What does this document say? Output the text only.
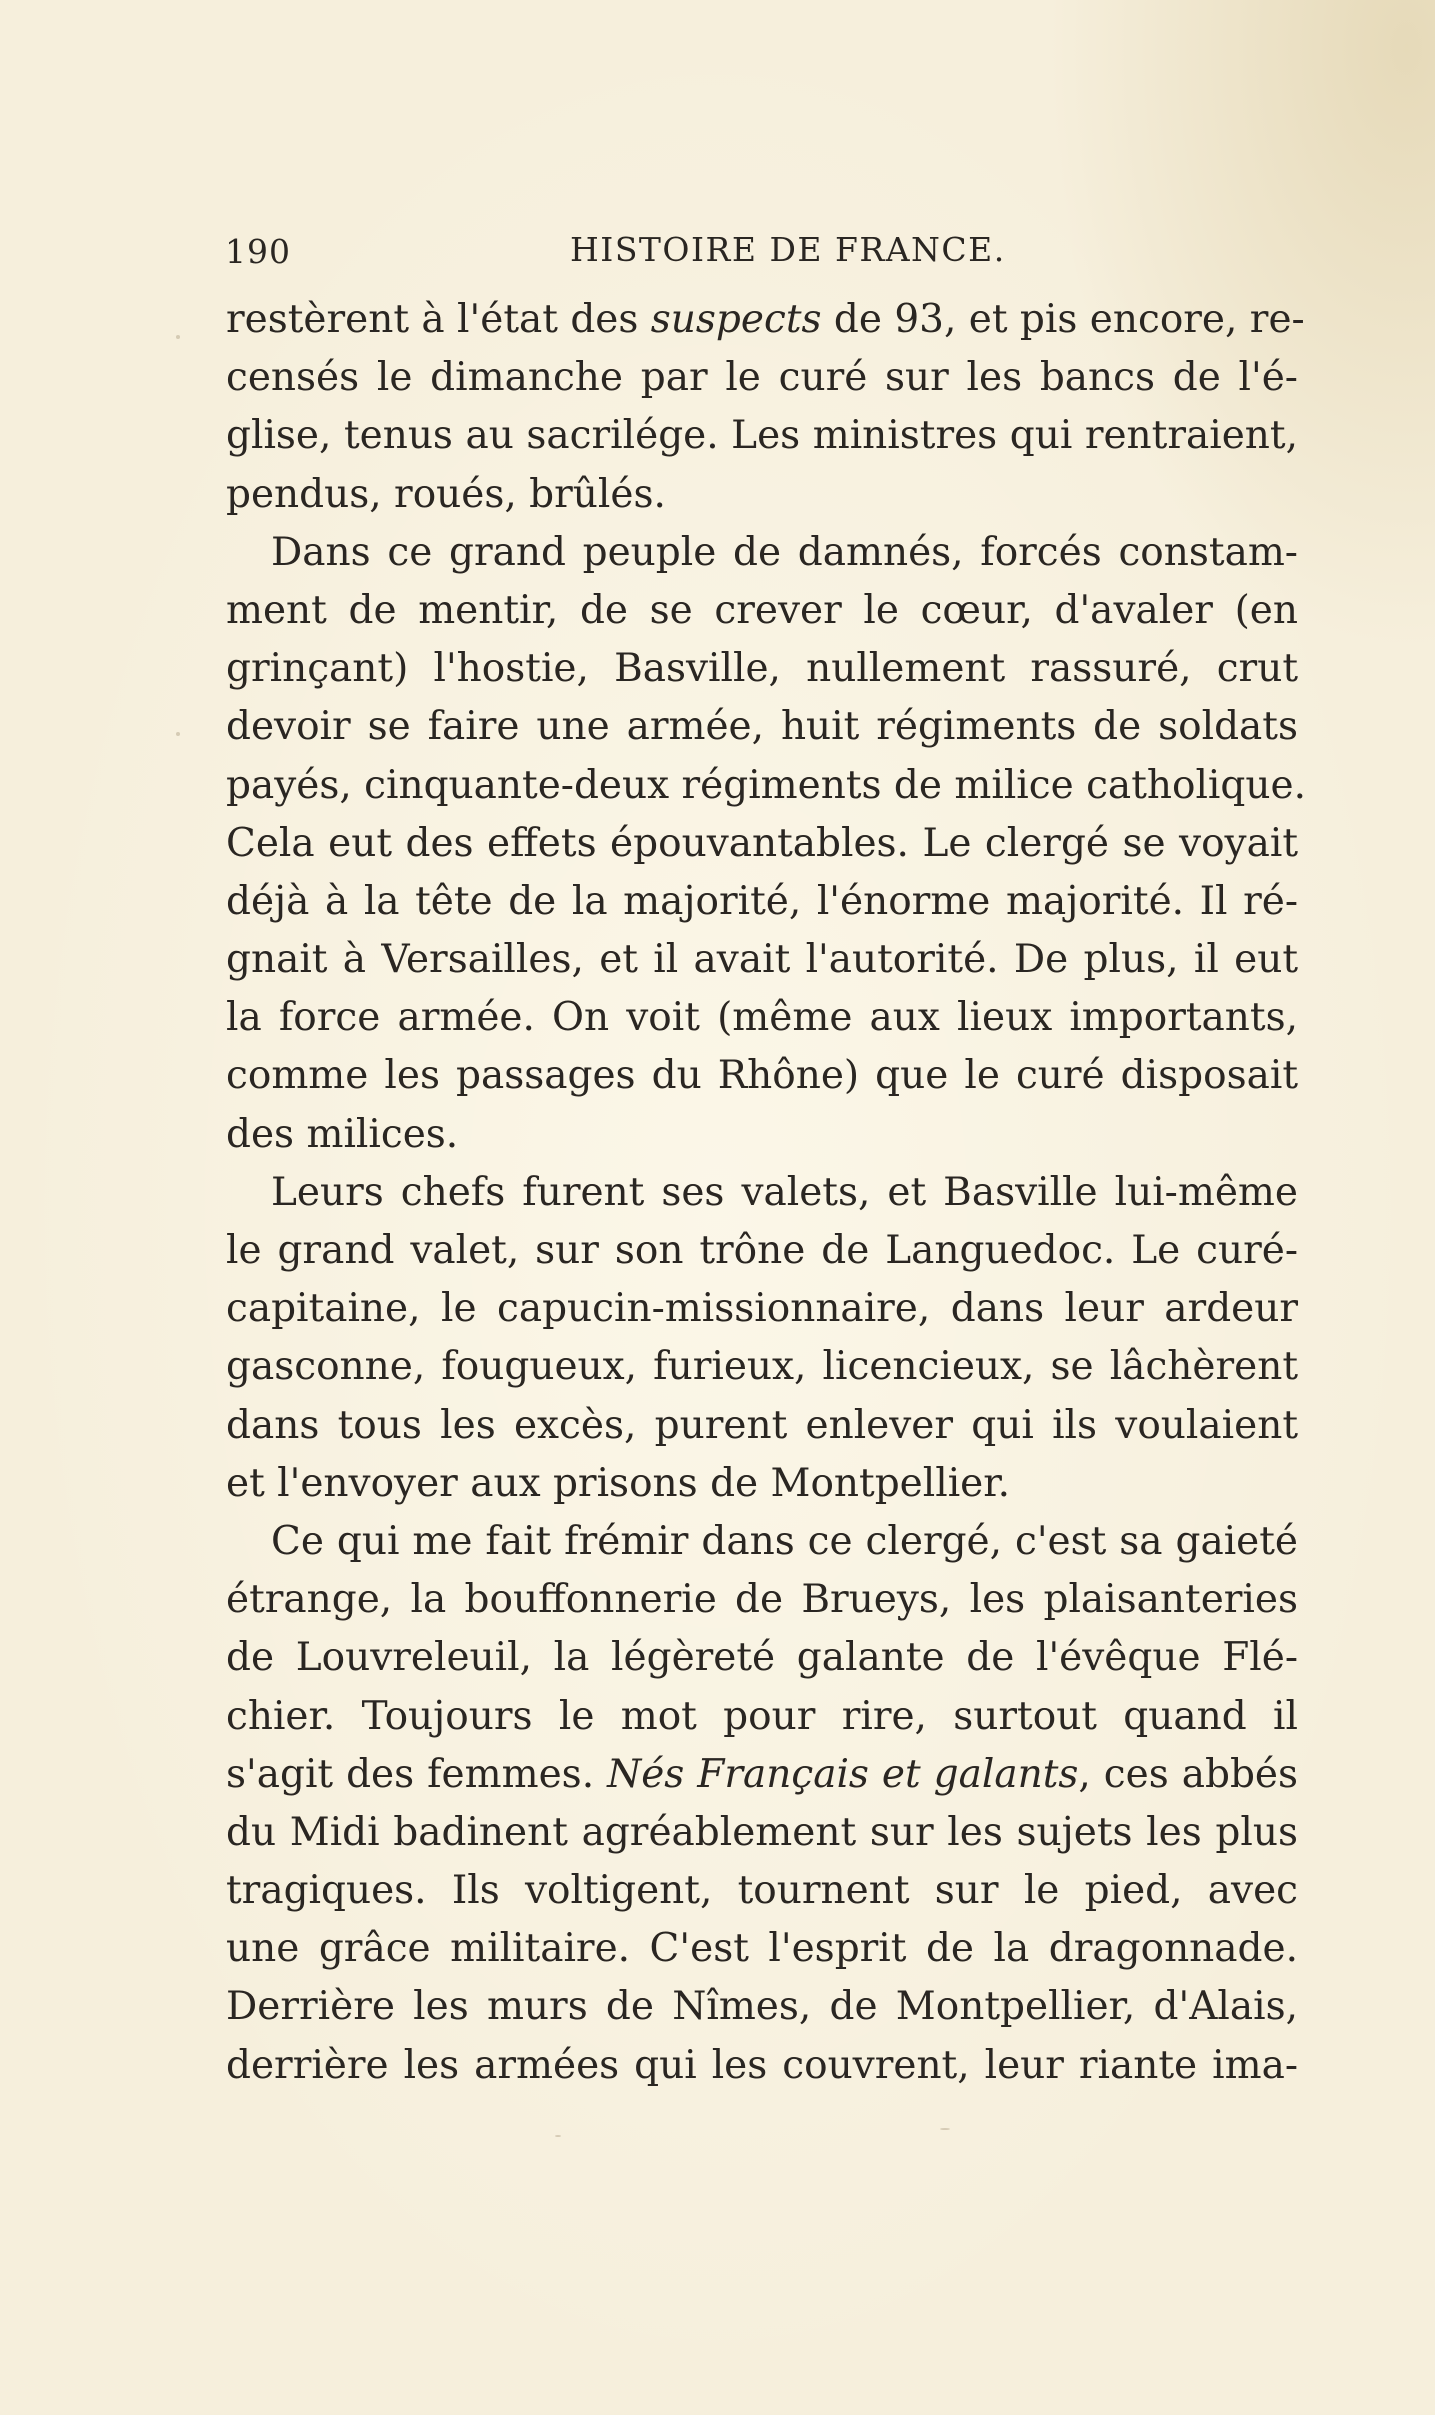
190	HISTOIRE DE FRANCE.
restèrent à l'état des suspects de 93, et pis encore, re-
censés le dimanche par le curé sur les bancs de l'é-
glise, tenus au sacrilége. Les ministres qui rentraient,
pendus, roués, brûlés.
Dans ce grand peuple de damnés, forcés constam-
ment de mentir, de se crever le cœur, d'avaler (en
grinçant) l'hostie, Basville, nullement rassuré, crut
devoir se faire une armée, huit régiments de soldats
payés, cinquante-deux régiments de milice catholique.
Cela eut des effets épouvantables. Le clergé se voyait
déjà à la tête de la majorité, l'énorme majorité. Il ré-
gnait à Versailles, et il avait l'autorité. De plus, il eut
la force armée. On voit (même aux lieux importants,
comme les passages du Rhône) que le curé disposait
des milices.
Leurs chefs furent ses valets, et Basville lui-même
le grand valet, sur son trône de Languedoc. Le curé-
capitaine, le capucin-missionnaire, dans leur ardeur
gasconne, fougueux, furieux, licencieux, se lâchèrent
dans tous les excès, purent enlever qui ils voulaient
et l'envoyer aux prisons de Montpellier.
Ce qui me fait frémir dans ce clergé, c'est sa gaieté
étrange, la bouffonnerie de Brueys, les plaisanteries
de Louvreleuil, la légèreté galante de l'évêque Flé-
chier. Toujours le mot pour rire, surtout quand il
s'agit des femmes. Nés Français et galants, ces abbés
du Midi badinent agréablement sur les sujets les plus
tragiques. Ils voltigent, tournent sur le pied, avec
une grâce militaire. C'est l'esprit de la dragonnade.
Derrière les murs de Nîmes, de Montpellier, d'Alais,
derrière les armées qui les couvrent, leur riante ima-
